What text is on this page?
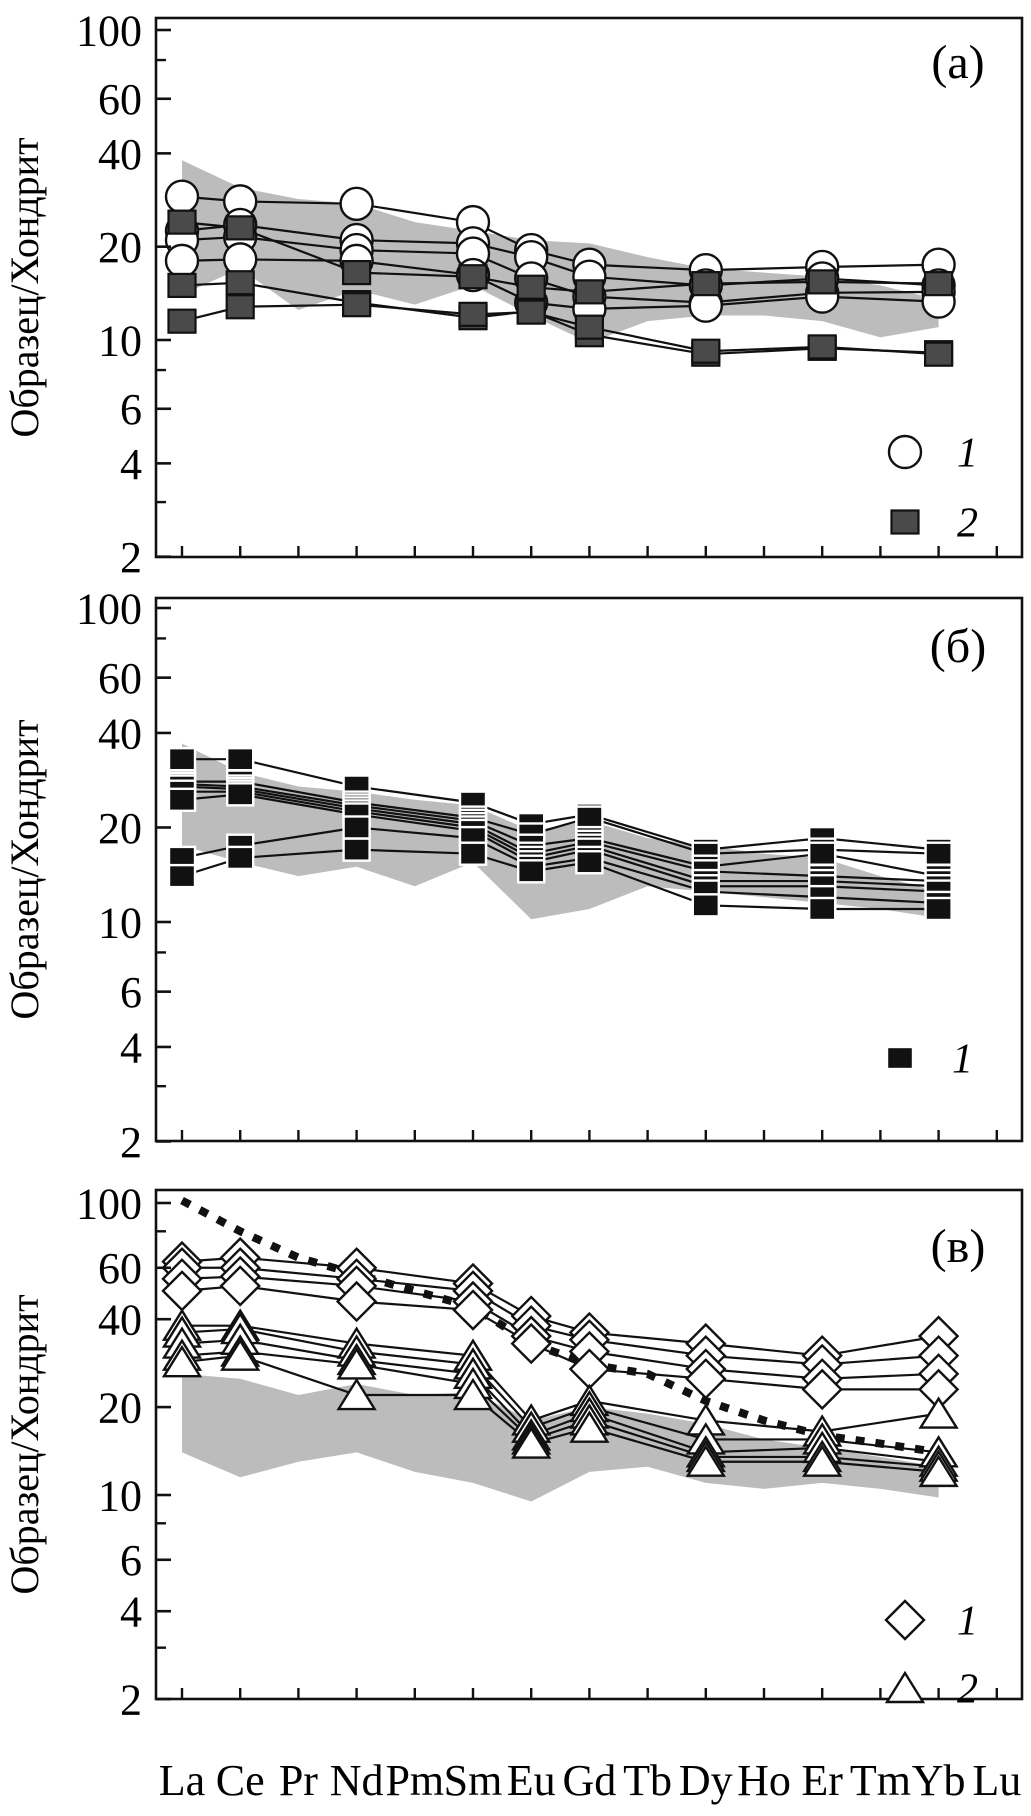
100
60
40
20
10
6
4
2
(а)
Образец/Хондрит
1
2
100
60
40
20
10
6
4
2
(б)
Образец/Хондрит
1
100
60
40
20
10
6
4
2
(в)
Образец/Хондрит
1
2
La Ce Pr Nd Pm Sm Eu Gd Tb Dy Ho Er Tm Yb Lu
